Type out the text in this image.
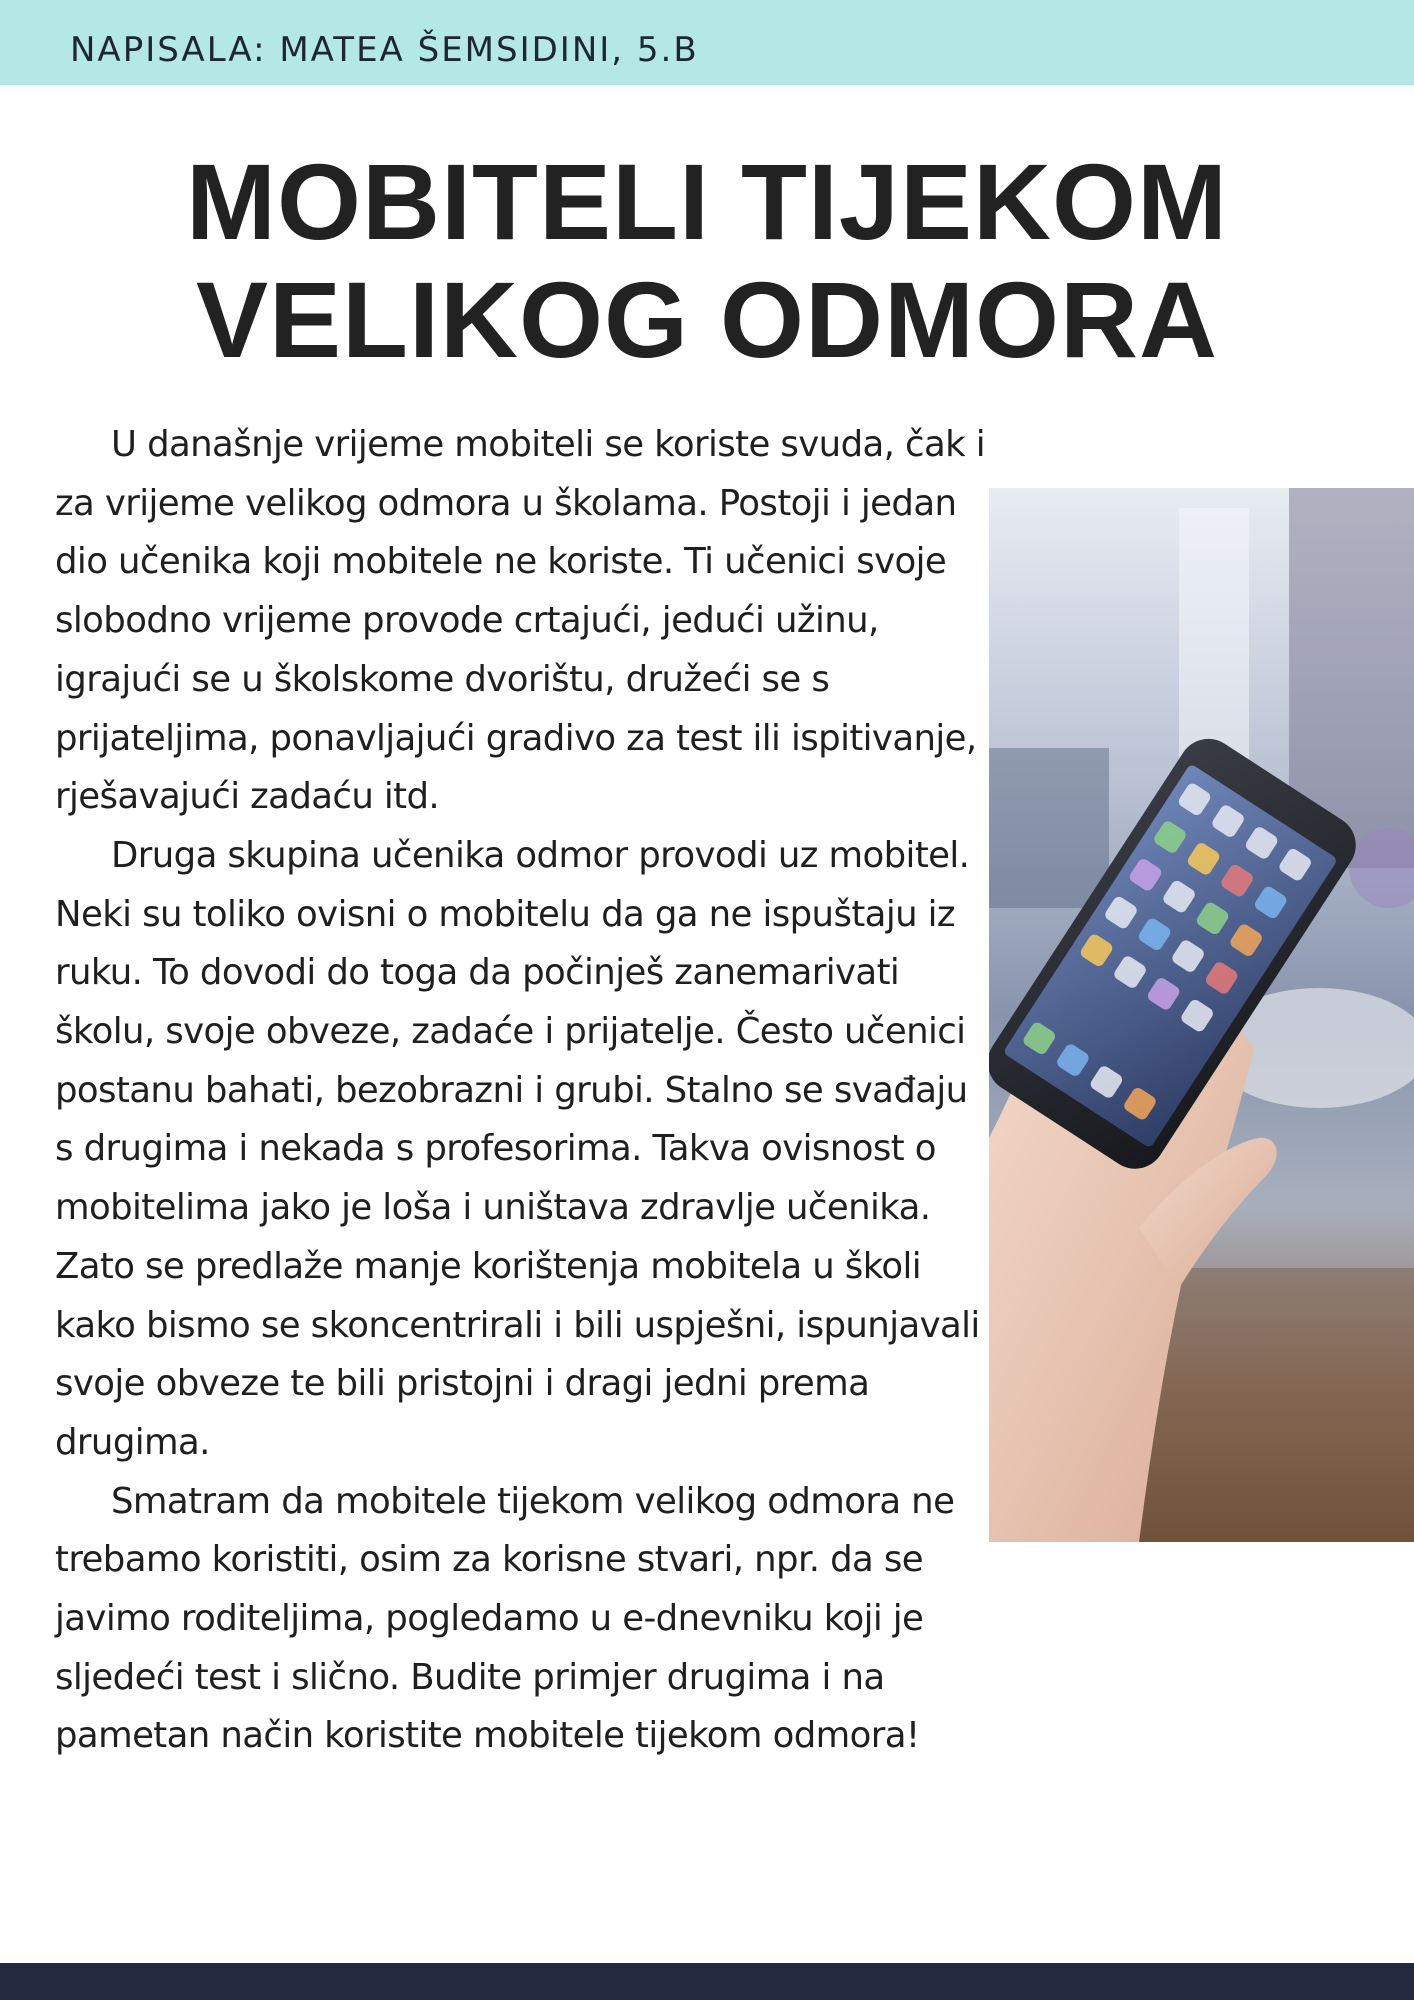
NAPISALA: MATEA ŠEMSIDINI, 5.B
MOBITELI TIJEKOM
VELIKOG ODMORA

U današnje vrijeme mobiteli se koriste svuda, čak i za vrijeme velikog odmora u školama. Postoji i jedan dio učenika koji mobitele ne koriste. Ti učenici svoje slobodno vrijeme provode crtajući, jedući užinu, igrajući se u školskome dvorištu, družeći se s prijateljima, ponavljajući gradivo za test ili ispitivanje, rješavajući zadaću itd.

Druga skupina učenika odmor provodi uz mobitel. Neki su toliko ovisni o mobitelu da ga ne ispuštaju iz ruku. To dovodi do toga da počinješ zanemarivati školu, svoje obveze, zadaće i prijatelje. Često učenici postanu bahati, bezobrazni i grubi. Stalno se svađaju s drugima i nekada s profesorima. Takva ovisnost o mobitelima jako je loša i uništava zdravlje učenika. Zato se predlaže manje korištenja mobitela u školi kako bismo se skoncentrirali i bili uspješni, ispunjavali svoje obveze te bili pristojni i dragi jedni prema drugima.

Smatram da mobitele tijekom velikog odmora ne trebamo koristiti, osim za korisne stvari, npr. da se javimo roditeljima, pogledamo u e-dnevniku koji je sljedeći test i slično. Budite primjer drugima i na pametan način koristite mobitele tijekom odmora!
